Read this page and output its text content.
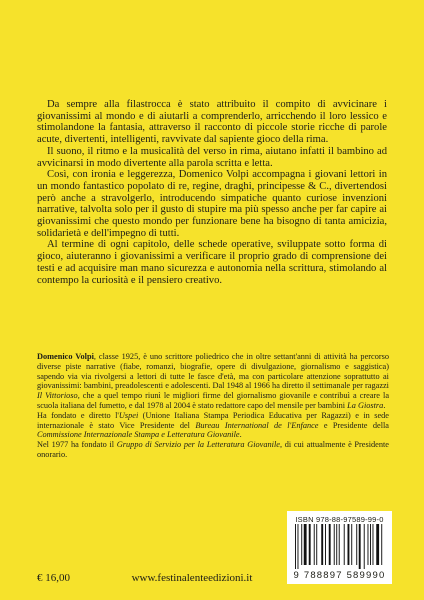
Da sempre alla filastrocca è stato attribuito il compito di avvicinare i giovanissimi al mondo e di aiutarli a comprenderlo, arricchendo il loro lessico e stimolandone la fantasia, attraverso il racconto di piccole storie ricche di parole acute, divertenti, intelligenti, ravvivate dal sapiente gioco della rima.

Il suono, il ritmo e la musicalità del verso in rima, aiutano infatti il bambino ad avvicinarsi in modo divertente alla parola scritta e letta.

Così, con ironia e leggerezza, Domenico Volpi accompagna i giovani lettori in un mondo fantastico popolato di re, regine, draghi, principesse & C., divertendosi però anche a stravolgerlo, introducendo simpatiche quanto curiose invenzioni narrative, talvolta solo per il gusto di stupire ma più spesso anche per far capire ai giovanissimi che questo mondo per funzionare bene ha bisogno di tanta amicizia, solidarietà e dell'impegno di tutti.

Al termine di ogni capitolo, delle schede operative, sviluppate sotto forma di gioco, aiuteranno i giovanissimi a verificare il proprio grado di comprensione dei testi e ad acquisire man mano sicurezza e autonomia nella scrittura, stimolando al contempo la curiosità e il pensiero creativo.

Domenico Volpi, classe 1925, è uno scrittore poliedrico che in oltre settant'anni di attività ha percorso diverse piste narrative (fiabe, romanzi, biografie, opere di divulgazione, giornalismo e saggistica) sapendo via via rivolgersi a lettori di tutte le fasce d'età, ma con particolare attenzione soprattutto ai giovanissimi: bambini, preadolescenti e adolescenti. Dal 1948 al 1966 ha diretto il settimanale per ragazzi Il Vittorioso, che a quel tempo riunì le migliori firme del giornalismo giovanile e contribuì a creare la scuola italiana del fumetto, e dal 1978 al 2004 è stato redattore capo del mensile per bambini La Giostra.

Ha fondato e diretto l'Uspei (Unione Italiana Stampa Periodica Educativa per Ragazzi) e in sede internazionale è stato Vice Presidente del Bureau International de l'Enfance e Presidente della Commissione Internazionale Stampa e Letteratura Giovanile.

Nel 1977 ha fondato il Gruppo di Servizio per la Letteratura Giovanile, di cui attualmente è Presidente onorario.

ISBN 978-88-97589-99-0
9 788897 589990
€ 16,00	www.festinalenteedizioni.it
